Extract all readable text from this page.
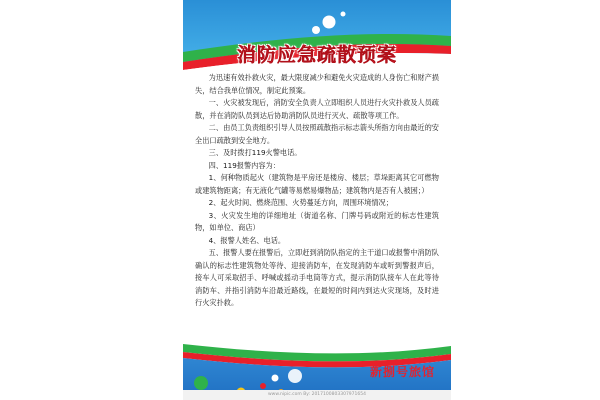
消防应急疏散预案

为迅速有效扑救火灾，最大限度减少和避免火灾造成的人身伤亡和财产损失，结合我单位情况，制定此预案。

一、火灾被发现后，消防安全负责人立即组织人员进行火灾扑救及人员疏散，并在消防队员到达后协助消防队员进行灭火、疏散等项工作。

二、由员工负责组织引导人员按照疏散指示标志箭头所指方向由最近的安全出口疏散到安全地方。

三、及时拨打119火警电话。

四、119报警内容为：

1、何种物质起火（建筑物是平房还是楼房、楼层；草垛距离其它可燃物或建筑物距离；有无液化气罐等易燃易爆物品；建筑物内是否有人被困；）

2、起火时间、燃烧范围、火势蔓延方向，周围环境情况；

3、火灾发生地的详细地址（街道名称、门牌号码或附近的标志性建筑物，如单位、商店）

4、报警人姓名、电话。

五、报警人要在报警后，立即赶到消防队指定的主干道口或报警中消防队确认的标志性建筑物处等待、迎接消防车，在发现消防车或听到警报声后，接车人可采取招手、呼喊或摇动手电筒等方式，提示消防队接车人在此等待消防车、并指引消防车沿最近路线，在最短的时间内到达火灾现场，及时进行火灾扑救。

新捌号旅馆
www.nipic.com By: 2017100803307971654
